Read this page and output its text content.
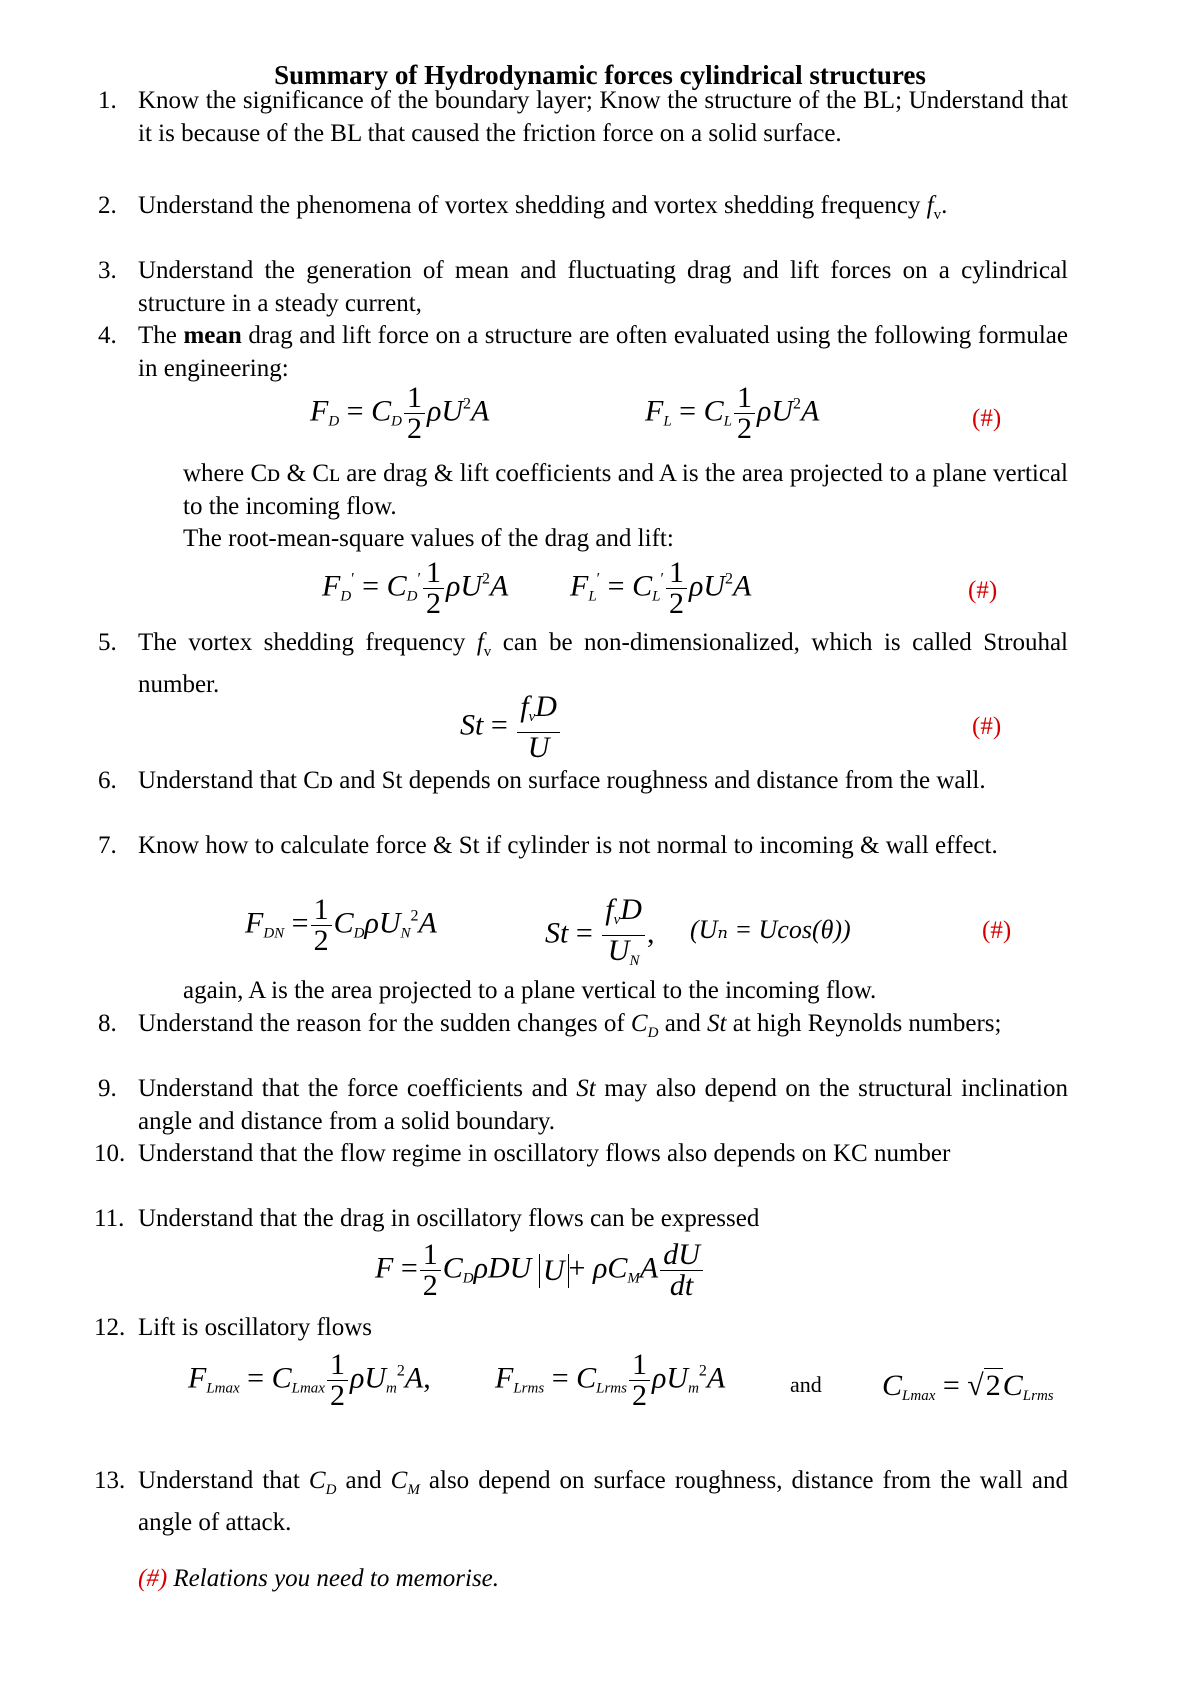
Summary of Hydrodynamic forces cylindrical structures
1. Know the significance of the boundary layer; Know the structure of the BL; Understand that it is because of the BL that caused the friction force on a solid surface.
2. Understand the phenomena of vortex shedding and vortex shedding frequency $f_v$.
3. Understand the generation of mean and fluctuating drag and lift forces on a cylindrical structure in a steady current,
4. The mean drag and lift force on a structure are often evaluated using the following formulae in engineering:
$F_D = C_D \frac{1}{2} \rho U^2A$	$F_L = C_L \frac{1}{2} \rho U^2A$	(#)
where Cᴅ & Cʟ are drag & lift coefficients and A is the area projected to a plane vertical to the incoming flow.
The root-mean-square values of the drag and lift:
$F_D' = C_D' \frac{1}{2} \rho U^2A$ $F_L' = C_L' \frac{1}{2} \rho U^2A$	(#)
5. The vortex shedding frequency $f_v$ can be non-dimensionalized, which is called Strouhal number.
$St = \frac{f_vD}{U}$	(#)
6. Understand that Cᴅ and St depends on surface roughness and distance from the wall.
7. Know how to calculate force & St if cylinder is not normal to incoming & wall effect.
$F_{DN} = \frac{1}{2} C_D\rho U_N^2A$	$St = \frac{f_vD}{U_N}$ , (Uₙ = Ucos(θ))	(#)
again, A is the area projected to a plane vertical to the incoming flow.
8. Understand the reason for the sudden changes of $C_D$ and St at high Reynolds numbers;
9. Understand that the force coefficients and St may also depend on the structural inclination angle and distance from a solid boundary.
10. Understand that the flow regime in oscillatory flows also depends on KC number
11. Understand that the drag in oscillatory flows can be expressed
$F = \frac{1}{2} C_D\rho DU$ $U + \rho C_MA \frac{dU}{dt}$
12. Lift is oscillatory flows
$F_{Lmax} = C_{Lmax} \frac{1}{2} \rho U_m^2A$, $F_{Lrms} = C_{Lrms} \frac{1}{2} \rho U_m^2A$	and $C_{Lmax} = √2C_{Lrms}$
13. Understand that $C_D$ and $C_M$ also depend on surface roughness, distance from the wall and angle of attack.
(#) Relations you need to memorise.
